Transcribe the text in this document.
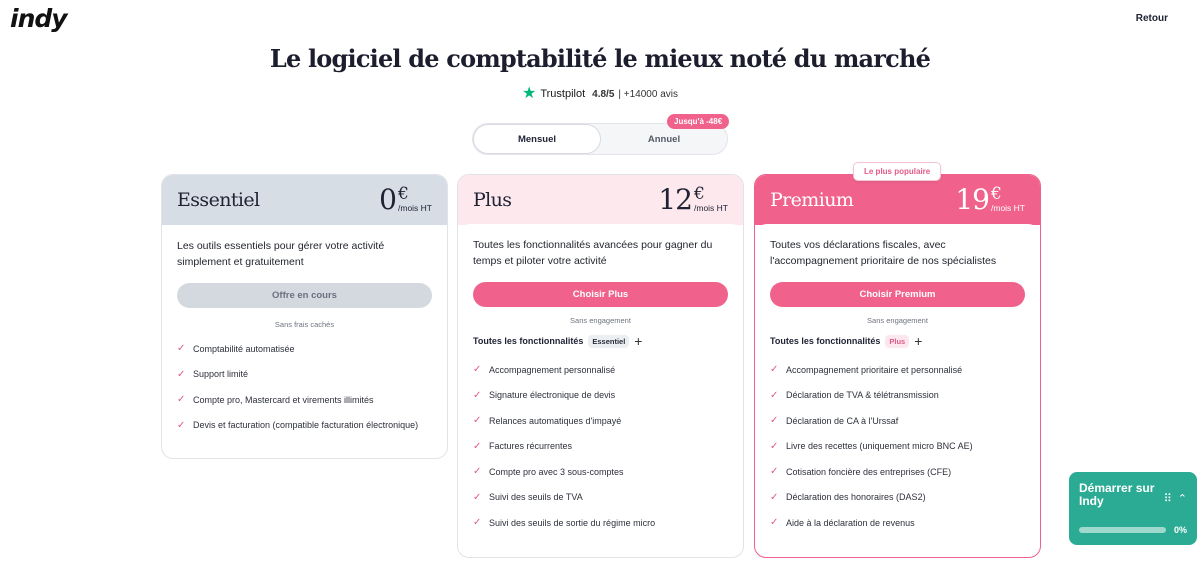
indy	Retour
Le logiciel de comptabilité le mieux noté du marché
★ Trustpilot 4.8/5 | +14000 avis
Mensuel	Annuel
Jusqu'à -48€
Essentiel	0 €
/mois HT

Les outils essentiels pour gérer votre activité simplement et gratuitement

Offre en cours
Sans frais cachés
✓ Comptabilité automatisée
✓ Support limité
✓ Compte pro, Mastercard et virements illimités
✓ Devis et facturation (compatible facturation électronique)
Plus	12 €
/mois HT

Toutes les fonctionnalités avancées pour gagner du temps et piloter votre activité

Choisir Plus
Sans engagement
Toutes les fonctionnalités	Essentiel +
✓ Accompagnement personnalisé
✓ Signature électronique de devis
✓ Relances automatiques d'impayé
✓ Factures récurrentes
✓ Compte pro avec 3 sous-comptes
✓ Suivi des seuils de TVA
✓ Suivi des seuils de sortie du régime micro
Premium	19 €
/mois HT
Le plus populaire

Toutes vos déclarations fiscales, avec l'accompagnement prioritaire de nos spécialistes

Choisir Premium
Sans engagement
Toutes les fonctionnalités	Plus +
✓ Accompagnement prioritaire et personnalisé
✓ Déclaration de TVA & télétransmission
✓ Déclaration de CA à l'Urssaf
✓ Livre des recettes (uniquement micro BNC AE)
✓ Cotisation foncière des entreprises (CFE)
✓ Déclaration des honoraires (DAS2)
✓ Aide à la déclaration de revenus
Démarrer sur Indy	⠿ ⌃
0%
